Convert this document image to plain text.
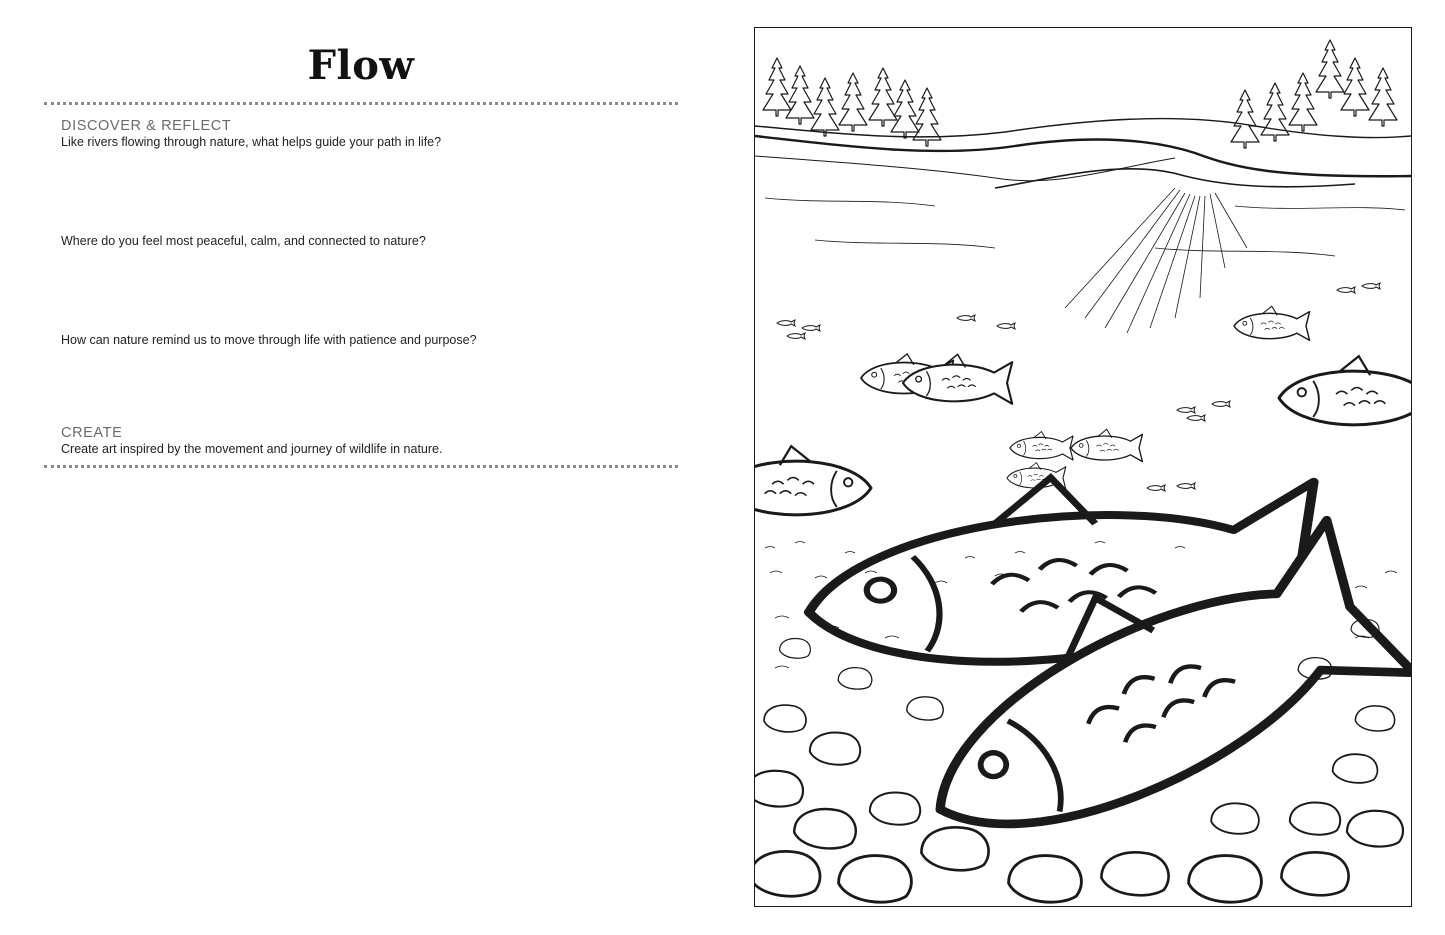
Flow
DISCOVER & REFLECT
Like rivers flowing through nature, what helps guide your path in life?
Where do you feel most peaceful, calm, and connected to nature?
How can nature remind us to move through life with patience and purpose?
CREATE
Create art inspired by the movement and journey of wildlife in nature.
